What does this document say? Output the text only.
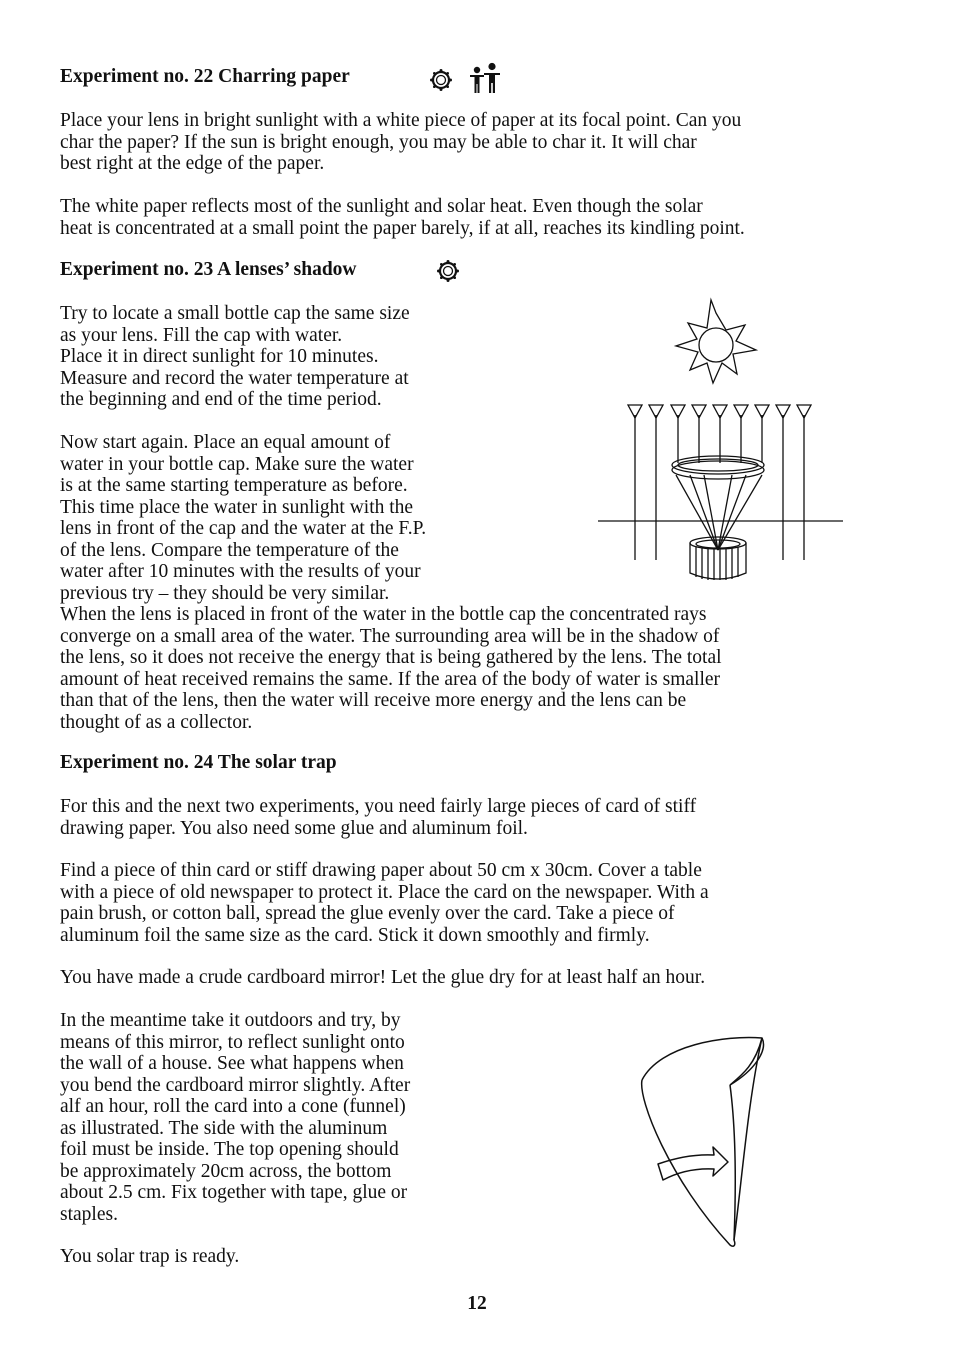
Experiment no. 22 Charring paper
Place your lens in bright sunlight with a white piece of paper at its focal point. Can you
char the paper? If the sun is bright enough, you may be able to char it. It will char
best right at the edge of the paper.
The white paper reflects most of the sunlight and solar heat. Even though the solar
heat is concentrated at a small point the paper barely, if at all, reaches its kindling point.
Experiment no. 23 A lenses’ shadow
Try to locate a small bottle cap the same size
as your lens. Fill the cap with water.
Place it in direct sunlight for 10 minutes.
Measure and record the water temperature at
the beginning and end of the time period.
Now start again. Place an equal amount of
water in your bottle cap. Make sure the water
is at the same starting temperature as before.
This time place the water in sunlight with the
lens in front of the cap and the water at the F.P.
of the lens. Compare the temperature of the
water after 10 minutes with the results of your
previous try – they should be very similar.
When the lens is placed in front of the water in the bottle cap the concentrated rays
converge on a small area of the water. The surrounding area will be in the shadow of
the lens, so it does not receive the energy that is being gathered by the lens. The total
amount of heat received remains the same. If the area of the body of water is smaller
than that of the lens, then the water will receive more energy and the lens can be
thought of as a collector.
Experiment no. 24 The solar trap
For this and the next two experiments, you need fairly large pieces of card of stiff
drawing paper. You also need some glue and aluminum foil.
Find a piece of thin card or stiff drawing paper about 50 cm x 30cm. Cover a table
with a piece of old newspaper to protect it. Place the card on the newspaper. With a
pain brush, or cotton ball, spread the glue evenly over the card. Take a piece of
aluminum foil the same size as the card. Stick it down smoothly and firmly.
You have made a crude cardboard mirror! Let the glue dry for at least half an hour.
In the meantime take it outdoors and try, by
means of this mirror, to reflect sunlight onto
the wall of a house. See what happens when
you bend the cardboard mirror slightly. After
alf an hour, roll the card into a cone (funnel)
as illustrated. The side with the aluminum
foil must be inside. The top opening should
be approximately 20cm across, the bottom
about 2.5 cm. Fix together with tape, glue or
staples.
You solar trap is ready.
12
